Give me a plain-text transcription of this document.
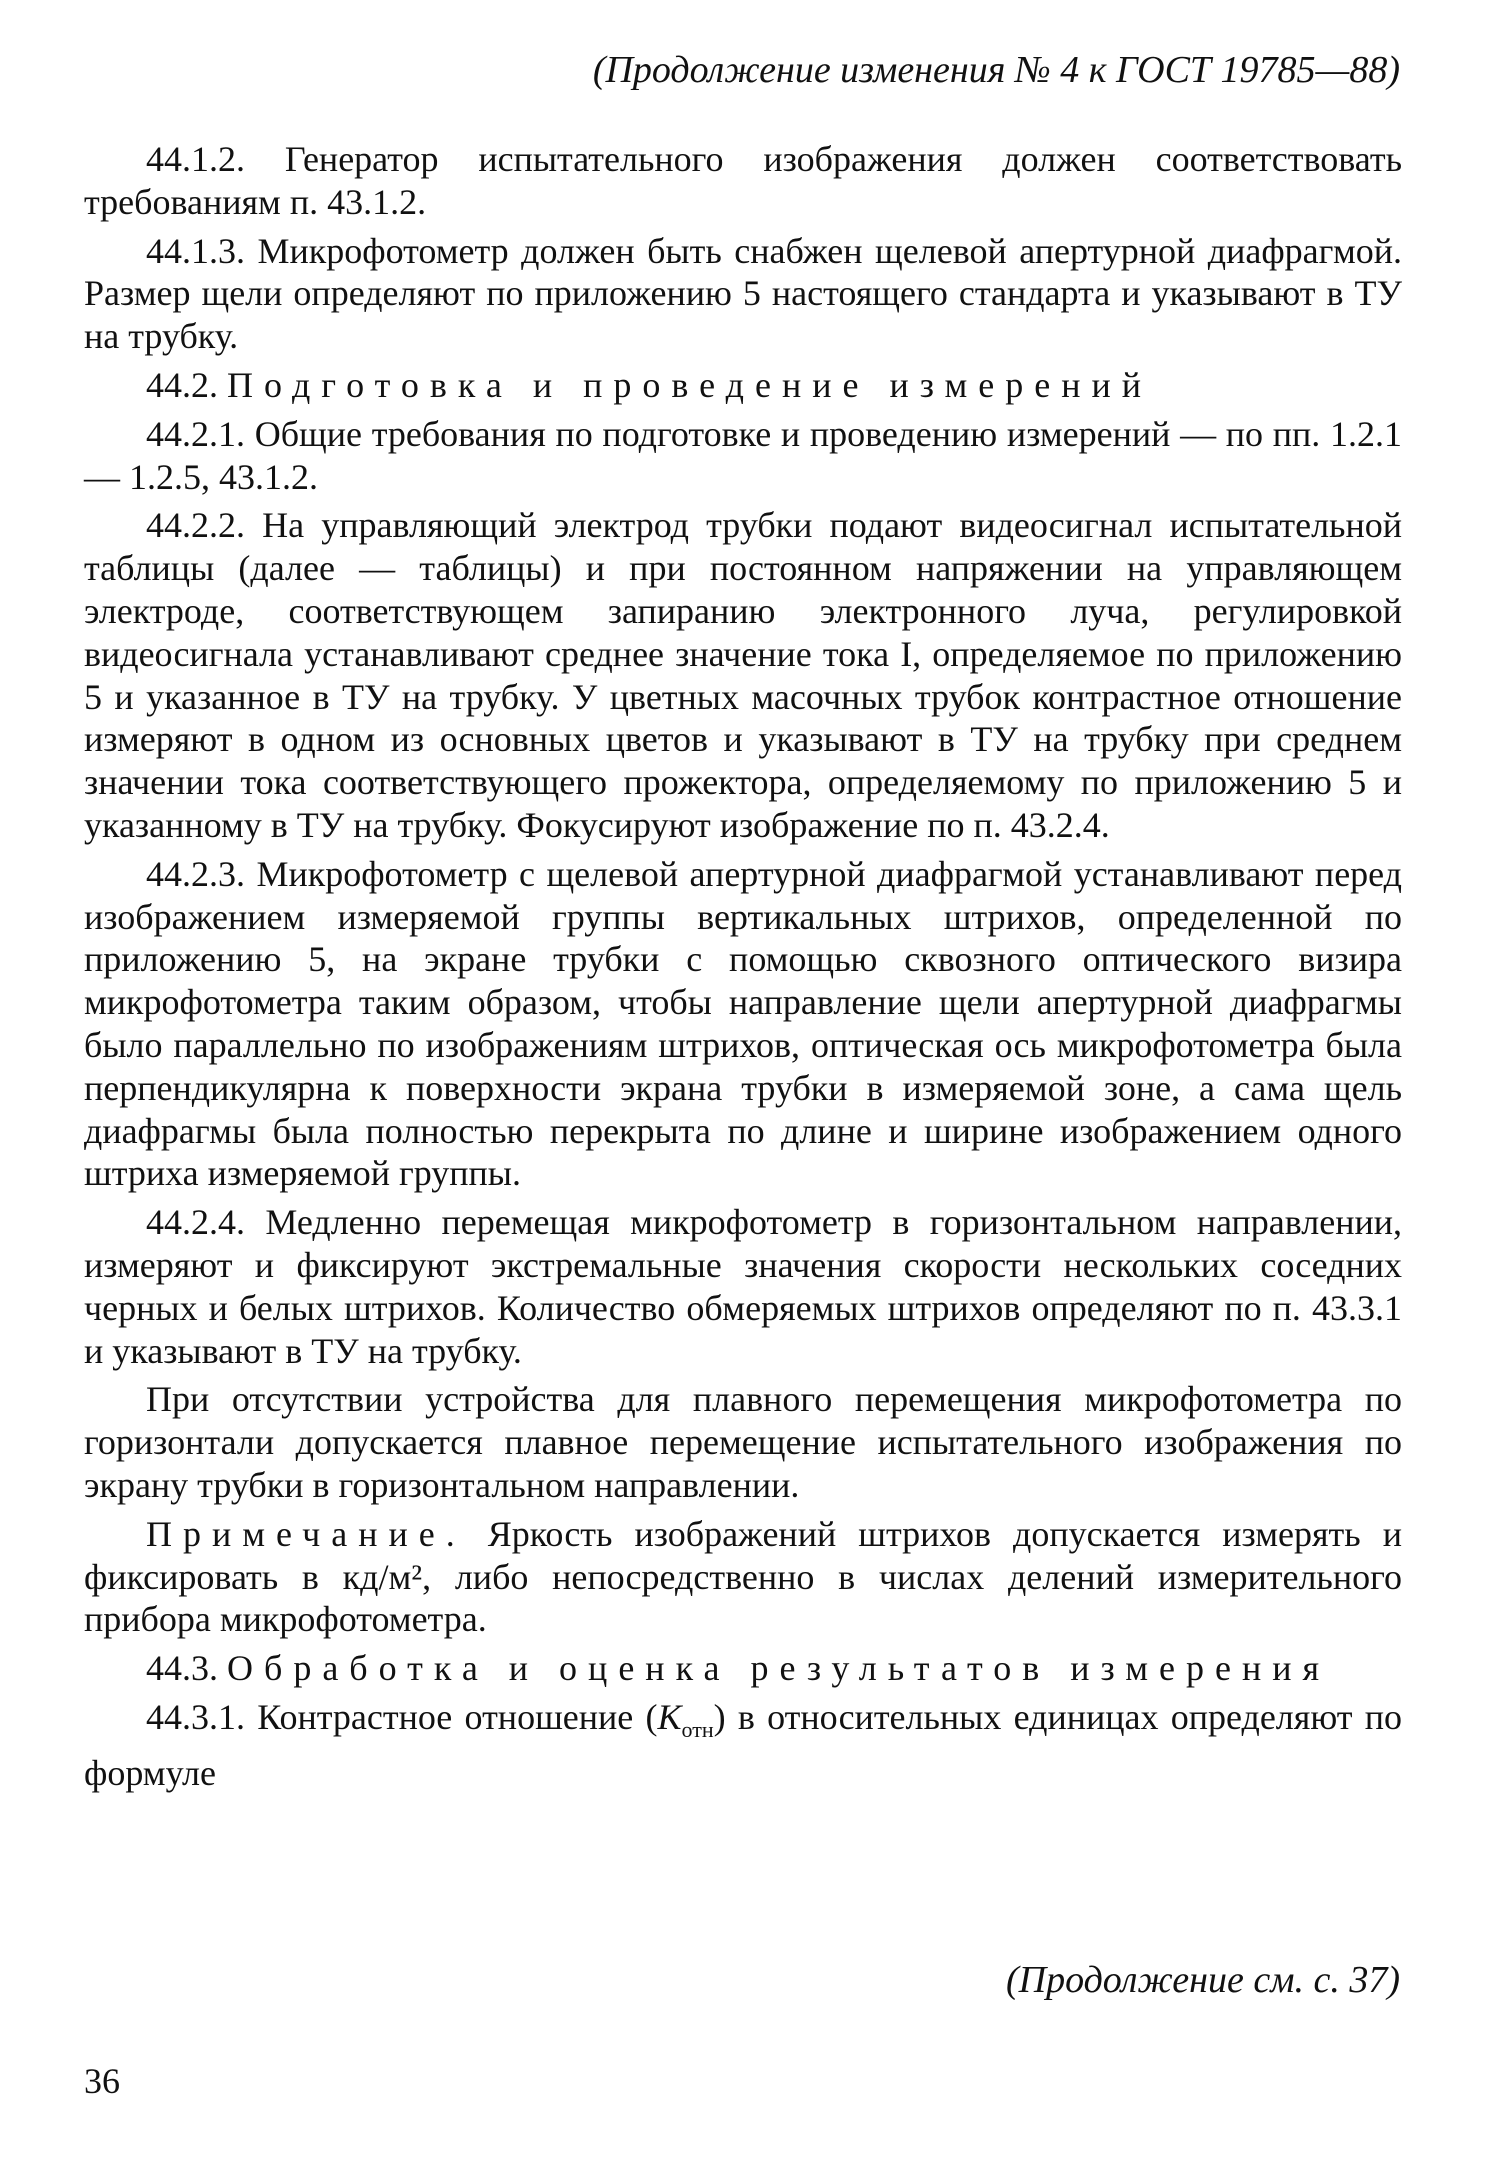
(Продолжение изменения № 4 к ГОСТ 19785—88)

44.1.2. Генератор испытательного изображения должен соответствовать требованиям п. 43.1.2.

44.1.3. Микрофотометр должен быть снабжен щелевой апертурной диафрагмой. Размер щели определяют по приложению 5 настоящего стандарта и указывают в ТУ на трубку.

44.2. Подготовка и проведение измерений

44.2.1. Общие требования по подготовке и проведению измерений — по пп. 1.2.1 — 1.2.5, 43.1.2.

44.2.2. На управляющий электрод трубки подают видеосигнал испытательной таблицы (далее — таблицы) и при постоянном напряжении на управляющем электроде, соответствующем запиранию электронного луча, регулировкой видеосигнала устанавливают среднее значение тока I, определяемое по приложению 5 и указанное в ТУ на трубку. У цветных масочных трубок контрастное отношение измеряют в одном из основных цветов и указывают в ТУ на трубку при среднем значении тока соответствующего прожектора, определяемому по приложению 5 и указанному в ТУ на трубку. Фокусируют изображение по п. 43.2.4.

44.2.3. Микрофотометр с щелевой апертурной диафрагмой устанавливают перед изображением измеряемой группы вертикальных штрихов, определенной по приложению 5, на экране трубки с помощью сквозного оптического визира микрофотометра таким образом, чтобы направление щели апертурной диафрагмы было параллельно по изображениям штрихов, оптическая ось микрофотометра была перпендикулярна к поверхности экрана трубки в измеряемой зоне, а сама щель диафрагмы была полностью перекрыта по длине и ширине изображением одного штриха измеряемой группы.

44.2.4. Медленно перемещая микрофотометр в горизонтальном направлении, измеряют и фиксируют экстремальные значения скорости нескольких соседних черных и белых штрихов. Количество обмеряемых штрихов определяют по п. 43.3.1 и указывают в ТУ на трубку.

При отсутствии устройства для плавного перемещения микрофотометра по горизонтали допускается плавное перемещение испытательного изображения по экрану трубки в горизонтальном направлении.

Примечание. Яркость изображений штрихов допускается измерять и фиксировать в кд/м², либо непосредственно в числах делений измерительного прибора микрофотометра.

44.3. Обработка и оценка результатов измерения

44.3.1. Контрастное отношение $(K_{отн})$ в относительных единицах определяют по формуле

(Продолжение см. с. 37)
36
